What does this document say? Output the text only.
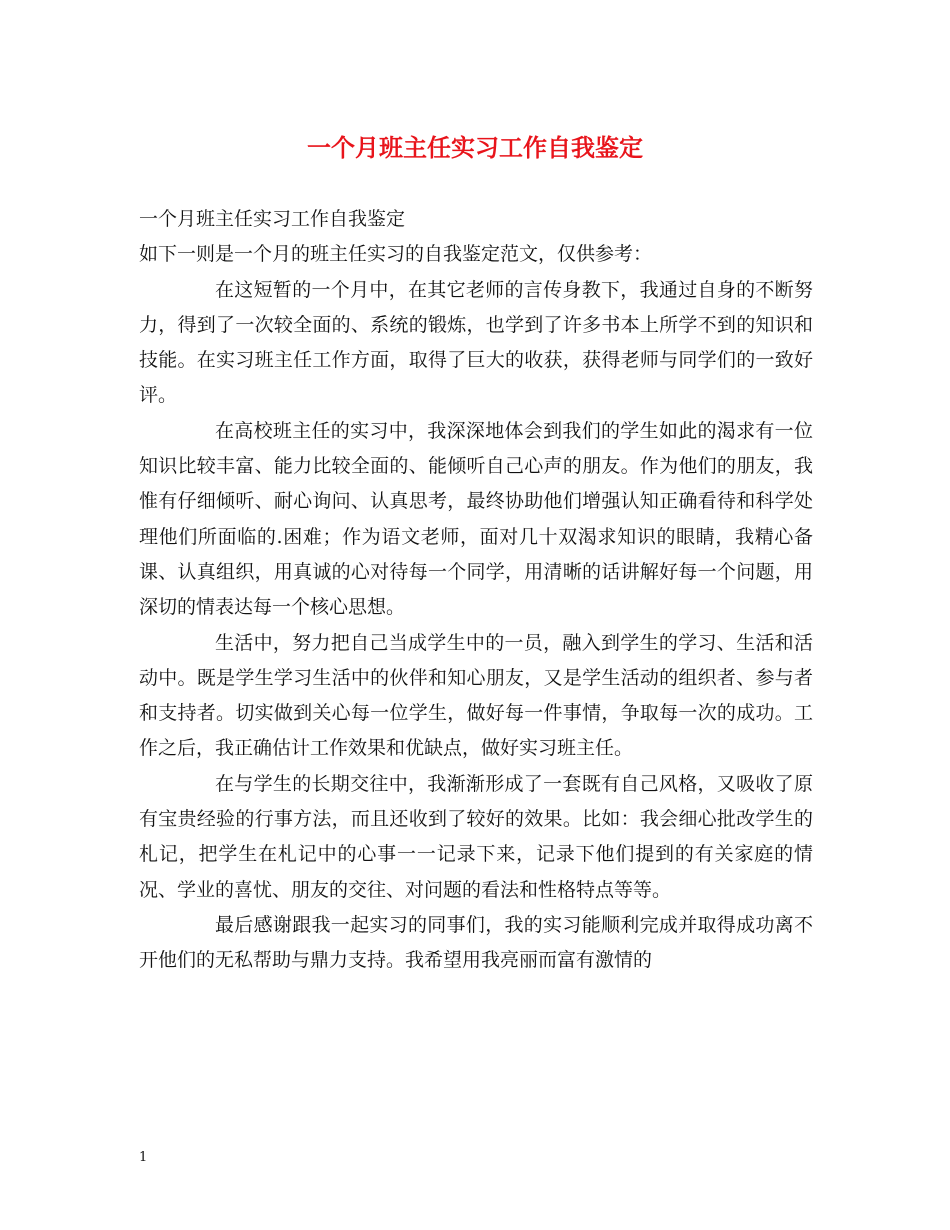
一个月班主任实习工作自我鉴定

一个月班主任实习工作自我鉴定

如下一则是一个月的班主任实习的自我鉴定范文，仅供参考：

在这短暂的一个月中，在其它老师的言传身教下，我通过自身的不断努力，得到了一次较全面的、系统的锻炼，也学到了许多书本上所学不到的知识和技能。在实习班主任工作方面，取得了巨大的收获，获得老师与同学们的一致好评。

在高校班主任的实习中，我深深地体会到我们的学生如此的渴求有一位知识比较丰富、能力比较全面的、能倾听自己心声的朋友。作为他们的朋友，我惟有仔细倾听、耐心询问、认真思考，最终协助他们增强认知正确看待和科学处理他们所面临的.困难；作为语文老师，面对几十双渴求知识的眼睛，我精心备课、认真组织，用真诚的心对待每一个同学，用清晰的话讲解好每一个问题，用深切的情表达每一个核心思想。

生活中，努力把自己当成学生中的一员，融入到学生的学习、生活和活动中。既是学生学习生活中的伙伴和知心朋友，又是学生活动的组织者、参与者和支持者。切实做到关心每一位学生，做好每一件事情，争取每一次的成功。工作之后，我正确估计工作效果和优缺点，做好实习班主任。

在与学生的长期交往中，我渐渐形成了一套既有自己风格，又吸收了原有宝贵经验的行事方法，而且还收到了较好的效果。比如：我会细心批改学生的札记，把学生在札记中的心事一一记录下来，记录下他们提到的有关家庭的情况、学业的喜忧、朋友的交往、对问题的看法和性格特点等等。

最后感谢跟我一起实习的同事们，我的实习能顺利完成并取得成功离不开他们的无私帮助与鼎力支持。我希望用我亮丽而富有激情的

1
